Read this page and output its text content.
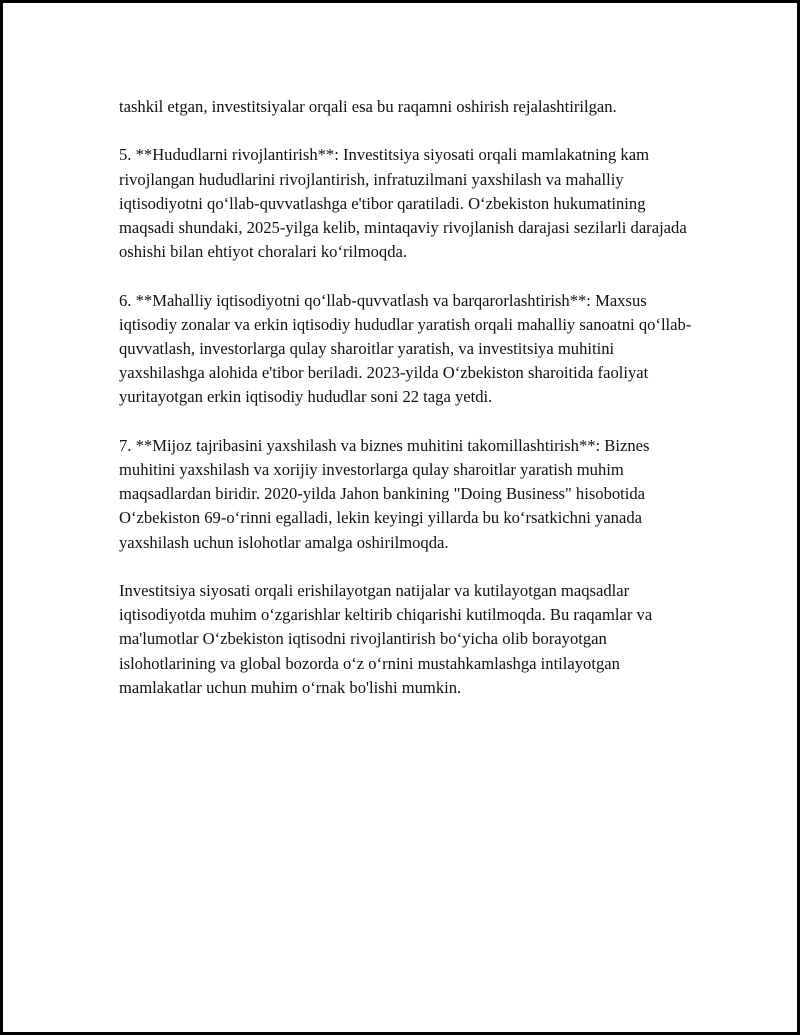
tashkil etgan, investitsiyalar orqali esa bu raqamni oshirish rejalashtirilgan.

5. **Hududlarni rivojlantirish**: Investitsiya siyosati orqali mamlakatning kam rivojlangan hududlarini rivojlantirish, infratuzilmani yaxshilash va mahalliy iqtisodiyotni qo‘llab-quvvatlashga e'tibor qaratiladi. O‘zbekiston hukumatining maqsadi shundaki, 2025-yilga kelib, mintaqaviy rivojlanish darajasi sezilarli darajada oshishi bilan ehtiyot choralari ko‘rilmoqda.

6. **Mahalliy iqtisodiyotni qo‘llab-quvvatlash va barqarorlashtirish**: Maxsus iqtisodiy zonalar va erkin iqtisodiy hududlar yaratish orqali mahalliy sanoatni qo‘llab-quvvatlash, investorlarga qulay sharoitlar yaratish, va investitsiya muhitini yaxshilashga alohida e'tibor beriladi. 2023-yilda O‘zbekiston sharoitida faoliyat yuritayotgan erkin iqtisodiy hududlar soni 22 taga yetdi.

7. **Mijoz tajribasini yaxshilash va biznes muhitini takomillashtirish**: Biznes muhitini yaxshilash va xorijiy investorlarga qulay sharoitlar yaratish muhim maqsadlardan biridir. 2020-yilda Jahon bankining "Doing Business" hisobotida O‘zbekiston 69-o‘rinni egalladi, lekin keyingi yillarda bu ko‘rsatkichni yanada yaxshilash uchun islohotlar amalga oshirilmoqda.

Investitsiya siyosati orqali erishilayotgan natijalar va kutilayotgan maqsadlar iqtisodiyotda muhim o‘zgarishlar keltirib chiqarishi kutilmoqda. Bu raqamlar va ma'lumotlar O‘zbekiston iqtisodni rivojlantirish bo‘yicha olib borayotgan islohotlarining va global bozorda o‘z o‘rnini mustahkamlashga intilayotgan mamlakatlar uchun muhim o‘rnak bo'lishi mumkin.
